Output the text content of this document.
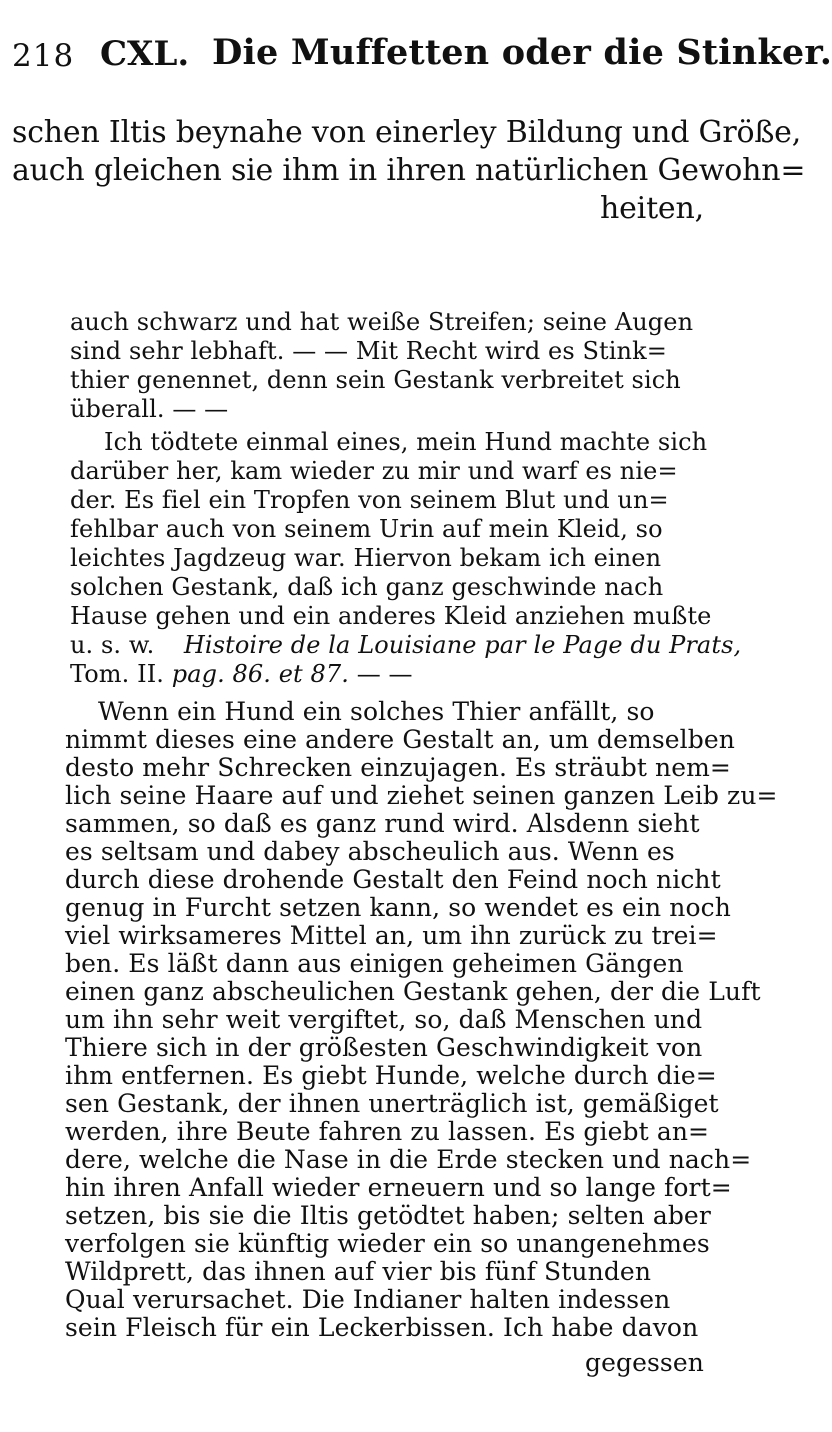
218 CXL. Die Muffetten oder die Stinker.
schen Iltis beynahe von einerley Bildung und Größe,
auch gleichen sie ihm in ihren natürlichen Gewohn=
heiten,
auch schwarz und hat weiße Streifen; seine Augen
sind sehr lebhaft. — — Mit Recht wird es Stink=
thier genennet, denn sein Gestank verbreitet sich
überall. — —
Ich tödtete einmal eines, mein Hund machte sich
darüber her, kam wieder zu mir und warf es nie=
der. Es fiel ein Tropfen von seinem Blut und un=
fehlbar auch von seinem Urin auf mein Kleid, so
leichtes Jagdzeug war. Hiervon bekam ich einen
solchen Gestank, daß ich ganz geschwinde nach
Hause gehen und ein anderes Kleid anziehen mußte
u. s. w. Histoire de la Louisiane par le Page du Prats,
Tom. II. pag. 86. et 87. — —
Wenn ein Hund ein solches Thier anfällt, so
nimmt dieses eine andere Gestalt an, um demselben
desto mehr Schrecken einzujagen. Es sträubt nem=
lich seine Haare auf und ziehet seinen ganzen Leib zu=
sammen, so daß es ganz rund wird. Alsdenn sieht
es seltsam und dabey abscheulich aus. Wenn es
durch diese drohende Gestalt den Feind noch nicht
genug in Furcht setzen kann, so wendet es ein noch
viel wirksameres Mittel an, um ihn zurück zu trei=
ben. Es läßt dann aus einigen geheimen Gängen
einen ganz abscheulichen Gestank gehen, der die Luft
um ihn sehr weit vergiftet, so, daß Menschen und
Thiere sich in der größesten Geschwindigkeit von
ihm entfernen. Es giebt Hunde, welche durch die=
sen Gestank, der ihnen unerträglich ist, gemäßiget
werden, ihre Beute fahren zu lassen. Es giebt an=
dere, welche die Nase in die Erde stecken und nach=
hin ihren Anfall wieder erneuern und so lange fort=
setzen, bis sie die Iltis getödtet haben; selten aber
verfolgen sie künftig wieder ein so unangenehmes
Wildprett, das ihnen auf vier bis fünf Stunden
Qual verursachet. Die Indianer halten indessen
sein Fleisch für ein Leckerbissen. Ich habe davon
gegessen
